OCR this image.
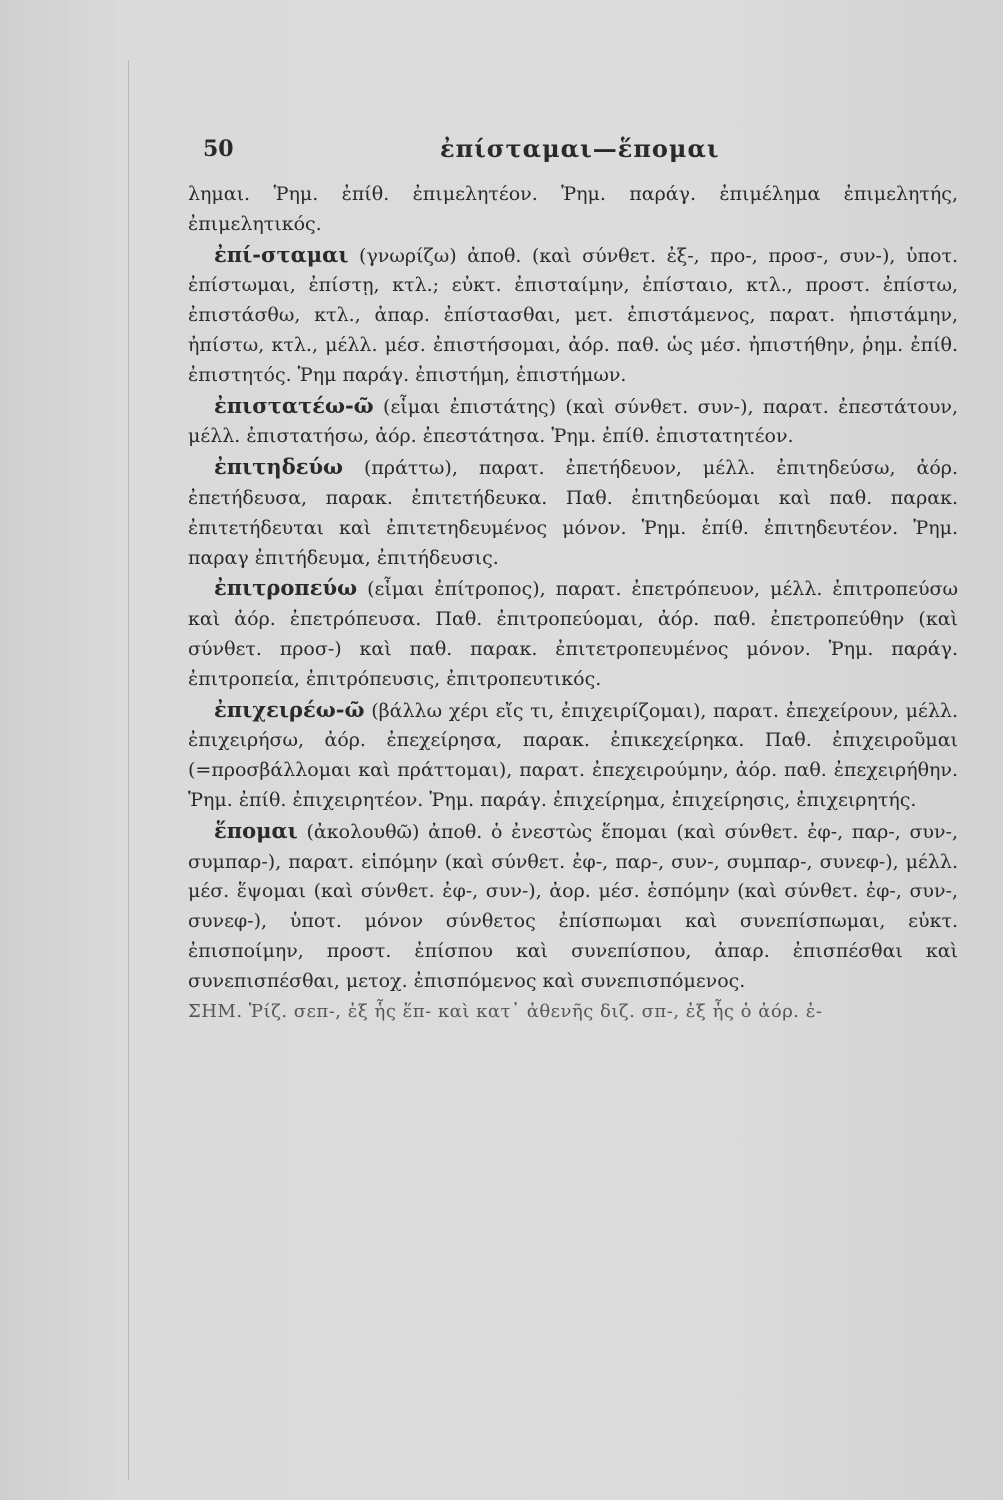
50	ἐπίσταμαι—ἕπομαι

λημαι. Ῥημ. ἐπίθ. ἐπιμελητέον. Ῥημ. παράγ. ἐπιμέλημα ἐπιμελητής, ἐπιμελητικός.

ἐπί-σταμαι (γνωρίζω) ἀποθ. (καὶ σύνθετ. ἐξ-, προ-, προσ-, συν-), ὑποτ. ἐπίστωμαι, ἐπίστῃ, κτλ.; εὐκτ. ἐπισταίμην, ἐπίσταιο, κτλ., προστ. ἐπίστω, ἐπιστάσθω, κτλ., ἀπαρ. ἐπίστασθαι, μετ. ἐπιστάμενος, παρατ. ἠπιστάμην, ἠπίστω, κτλ., μέλλ. μέσ. ἐπιστήσομαι, ἀόρ. παθ. ὡς μέσ. ἠπιστήθην, ῥημ. ἐπίθ. ἐπιστητός. Ῥημ παράγ. ἐπιστήμη, ἐπιστήμων.

ἐπιστατέω-ῶ (εἶμαι ἐπιστάτης) (καὶ σύνθετ. συν-), παρατ. ἐπεστάτουν, μέλλ. ἐπιστατήσω, ἀόρ. ἐπεστάτησα. Ῥημ. ἐπίθ. ἐπιστατητέον.

ἐπιτηδεύω (πράττω), παρατ. ἐπετήδευον, μέλλ. ἐπιτηδεύσω, ἀόρ. ἐπετήδευσα, παρακ. ἐπιτετήδευκα. Παθ. ἐπιτηδεύομαι καὶ παθ. παρακ. ἐπιτετήδευται καὶ ἐπιτετηδευμένος μόνον. Ῥημ. ἐπίθ. ἐπιτηδευτέον. Ῥημ. παραγ ἐπιτήδευμα, ἐπιτήδευσις.

ἐπιτροπεύω (εἶμαι ἐπίτροπος), παρατ. ἐπετρόπευον, μέλλ. ἐπιτροπεύσω καὶ ἀόρ. ἐπετρόπευσα. Παθ. ἐπιτροπεύομαι, ἀόρ. παθ. ἐπετροπεύθην (καὶ σύνθετ. προσ-) καὶ παθ. παρακ. ἐπιτετροπευμένος μόνον. Ῥημ. παράγ. ἐπιτροπεία, ἐπιτρόπευσις, ἐπιτροπευτικός.

ἐπιχειρέω-ῶ (βάλλω χέρι εἴς τι, ἐπιχειρίζομαι), παρατ. ἐπεχείρουν, μέλλ. ἐπιχειρήσω, ἀόρ. ἐπεχείρησα, παρακ. ἐπικεχείρηκα. Παθ. ἐπιχειροῦμαι (=προσβάλλομαι καὶ πράττομαι), παρατ. ἐπεχειρούμην, ἀόρ. παθ. ἐπεχειρήθην. Ῥημ. ἐπίθ. ἐπιχειρητέον. Ῥημ. παράγ. ἐπιχείρημα, ἐπιχείρησις, ἐπιχειρητής.

ἕπομαι (ἀκολουθῶ) ἀποθ. ὁ ἐνεστὼς ἕπομαι (καὶ σύνθετ. ἐφ-, παρ-, συν-, συμπαρ-), παρατ. εἱπόμην (καὶ σύνθετ. ἐφ-, παρ-, συν-, συμπαρ-, συνεφ-), μέλλ. μέσ. ἕψομαι (καὶ σύνθετ. ἐφ-, συν-), ἀορ. μέσ. ἑσπόμην (καὶ σύνθετ. ἐφ-, συν-, συνεφ-), ὑποτ. μόνον σύνθετος ἐπίσπωμαι καὶ συνεπίσπωμαι, εὐκτ. ἐπισποίμην, προστ. ἐπίσπου καὶ συνεπίσπου, ἀπαρ. ἐπισπέσθαι καὶ συνεπισπέσθαι, μετοχ. ἐπισπόμενος καὶ συνεπισπόμενος.

ΣΗΜ. Ῥίζ. σεπ-, ἐξ ἧς ἕπ- καὶ κατ᾽ ἀθενῆς διζ. σπ-, ἐξ ἧς ὁ ἀόρ. ἐ-
